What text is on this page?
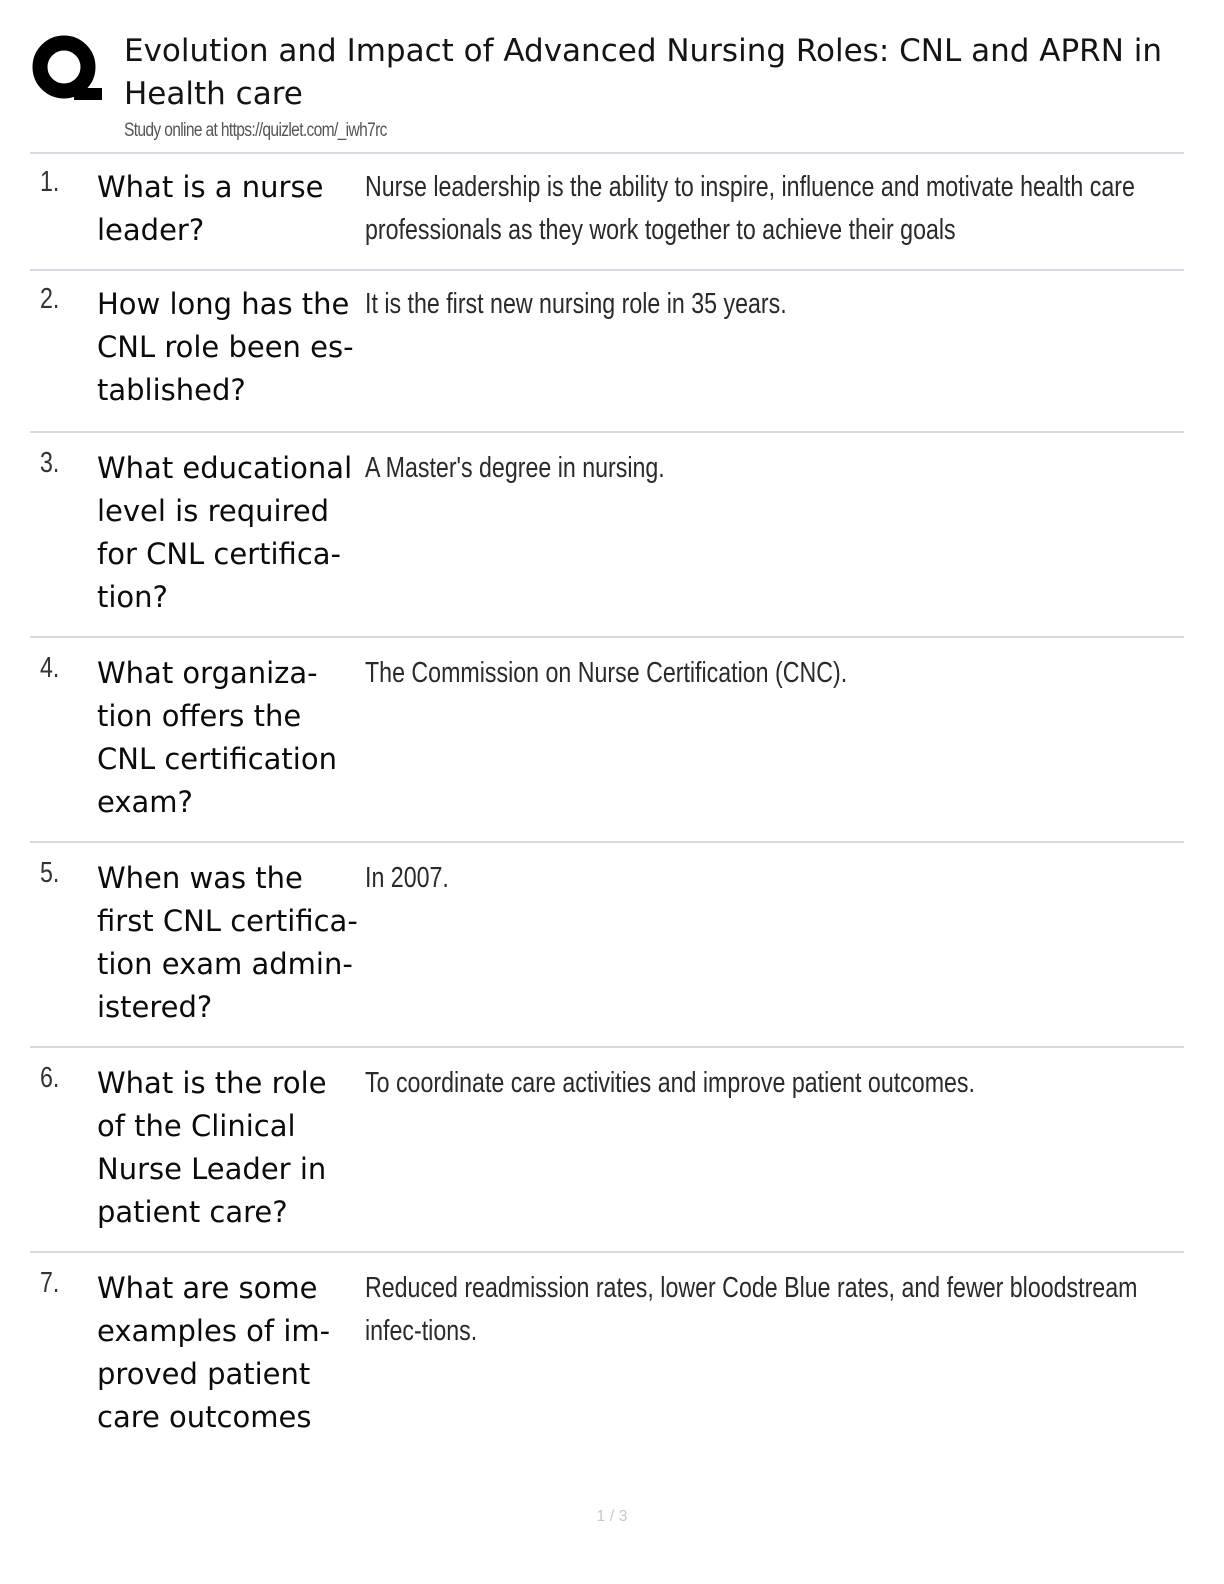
Evolution and Impact of Advanced Nursing Roles: CNL and APRN in Health care
Study online at https://quizlet.com/_iwh7rc
1. What is a nurse leader?
Nurse leadership is the ability to inspire, influence and motivate health care professionals as they work together to achieve their goals
2. How long has the CNL role been es-tablished?
It is the first new nursing role in 35 years.
3. What educational level is required for CNL certifica-tion?
A Master's degree in nursing.
4. What organiza-tion offers the CNL certification exam?
The Commission on Nurse Certification (CNC).
5. When was the first CNL certifica-tion exam admin-istered?
In 2007.
6. What is the role of the Clinical Nurse Leader in patient care?
To coordinate care activities and improve patient outcomes.
7. What are some examples of im-proved patient care outcomes
Reduced readmission rates, lower Code Blue rates, and fewer bloodstream infec-tions.
1 / 3
